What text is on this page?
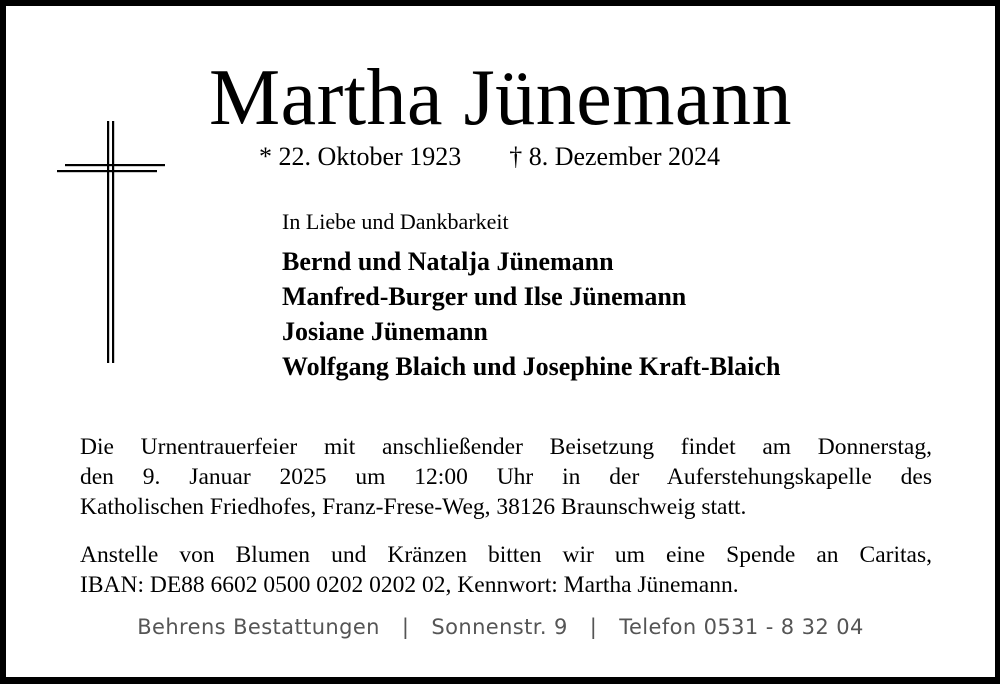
Martha Jünemann
* 22. Oktober 1923 † 8. Dezember 2024
In Liebe und Dankbarkeit
Bernd und Natalja Jünemann
Manfred-Burger und Ilse Jünemann
Josiane Jünemann
Wolfgang Blaich und Josephine Kraft-Blaich
Die Urnentrauerfeier mit anschließender Beisetzung findet am Donnerstag,
den 9. Januar 2025 um 12:00 Uhr in der Auferstehungskapelle des
Katholischen Friedhofes, Franz-Frese-Weg, 38126 Braunschweig statt.
Anstelle von Blumen und Kränzen bitten wir um eine Spende an Caritas,
IBAN: DE88 6602 0500 0202 0202 02, Kennwort: Martha Jünemann.
Behrens Bestattungen | Sonnenstr. 9 | Telefon 0531 - 8 32 04
